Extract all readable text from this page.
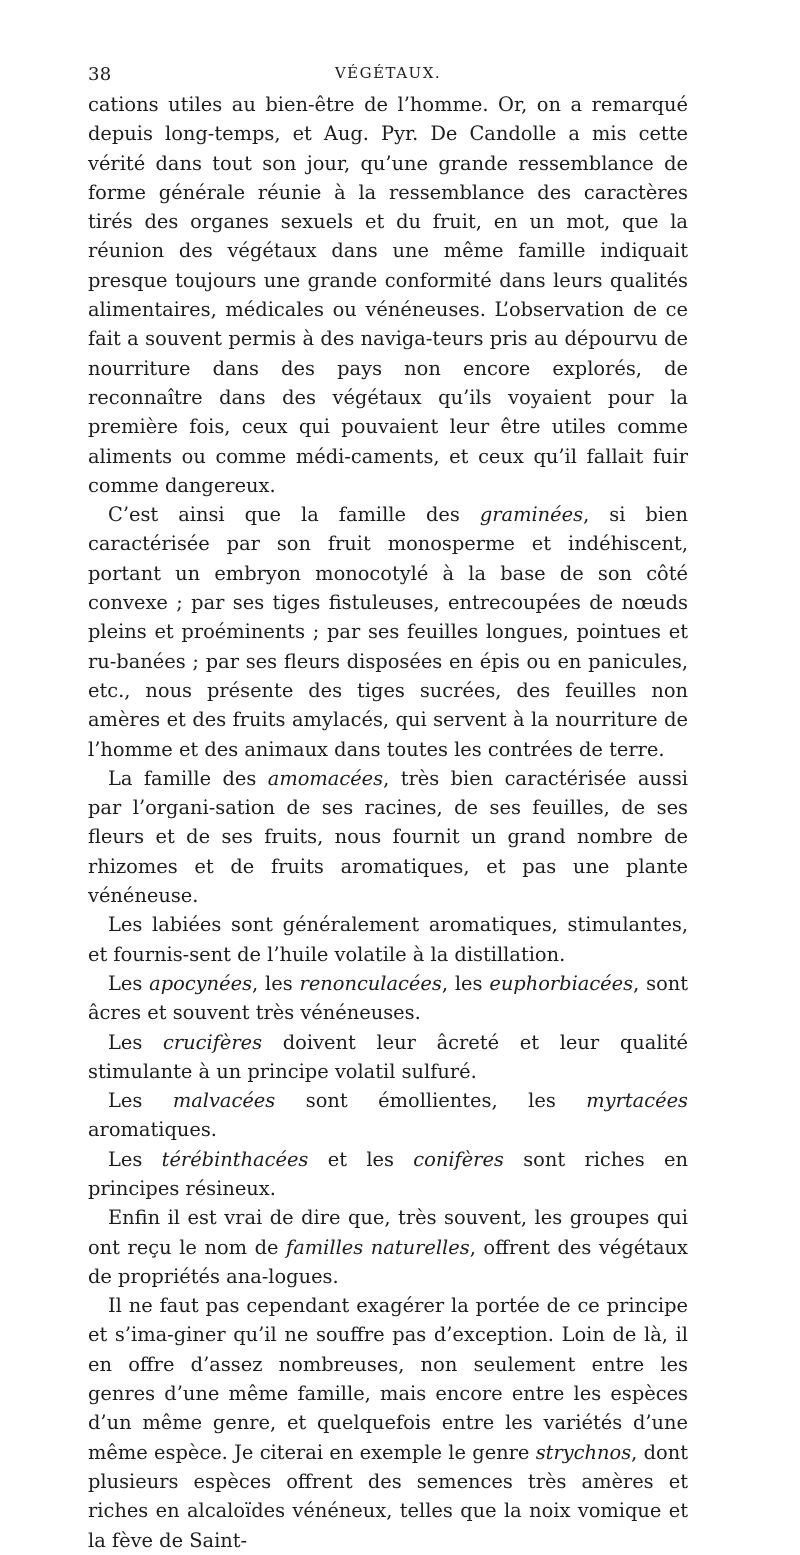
38	VÉGÉTAUX.

cations utiles au bien-être de l’homme. Or, on a remarqué depuis long-temps, et Aug. Pyr. De Candolle a mis cette vérité dans tout son jour, qu’une grande ressemblance de forme générale réunie à la ressemblance des caractères tirés des organes sexuels et du fruit, en un mot, que la réunion des végétaux dans une même famille indiquait presque toujours une grande conformité dans leurs qualités alimentaires, médicales ou vénéneuses. L’observation de ce fait a souvent permis à des naviga-teurs pris au dépourvu de nourriture dans des pays non encore explorés, de reconnaître dans des végétaux qu’ils voyaient pour la première fois, ceux qui pouvaient leur être utiles comme aliments ou comme médi-caments, et ceux qu’il fallait fuir comme dangereux.

C’est ainsi que la famille des graminées, si bien caractérisée par son fruit monosperme et indéhiscent, portant un embryon monocotylé à la base de son côté convexe ; par ses tiges fistuleuses, entrecoupées de nœuds pleins et proéminents ; par ses feuilles longues, pointues et ru-banées ; par ses fleurs disposées en épis ou en panicules, etc., nous présente des tiges sucrées, des feuilles non amères et des fruits amylacés, qui servent à la nourriture de l’homme et des animaux dans toutes les contrées de terre.

La famille des amomacées, très bien caractérisée aussi par l’organi-sation de ses racines, de ses feuilles, de ses fleurs et de ses fruits, nous fournit un grand nombre de rhizomes et de fruits aromatiques, et pas une plante vénéneuse.

Les labiées sont généralement aromatiques, stimulantes, et fournis-sent de l’huile volatile à la distillation.

Les apocynées, les renonculacées, les euphorbiacées, sont âcres et souvent très vénéneuses.

Les crucifères doivent leur âcreté et leur qualité stimulante à un principe volatil sulfuré.

Les malvacées sont émollientes, les myrtacées aromatiques.

Les térébinthacées et les conifères sont riches en principes résineux.

Enfin il est vrai de dire que, très souvent, les groupes qui ont reçu le nom de familles naturelles, offrent des végétaux de propriétés ana-logues.

Il ne faut pas cependant exagérer la portée de ce principe et s’ima-giner qu’il ne souffre pas d’exception. Loin de là, il en offre d’assez nombreuses, non seulement entre les genres d’une même famille, mais encore entre les espèces d’un même genre, et quelquefois entre les variétés d’une même espèce. Je citerai en exemple le genre strychnos, dont plusieurs espèces offrent des semences très amères et riches en alcaloïdes vénéneux, telles que la noix vomique et la fève de Saint-
